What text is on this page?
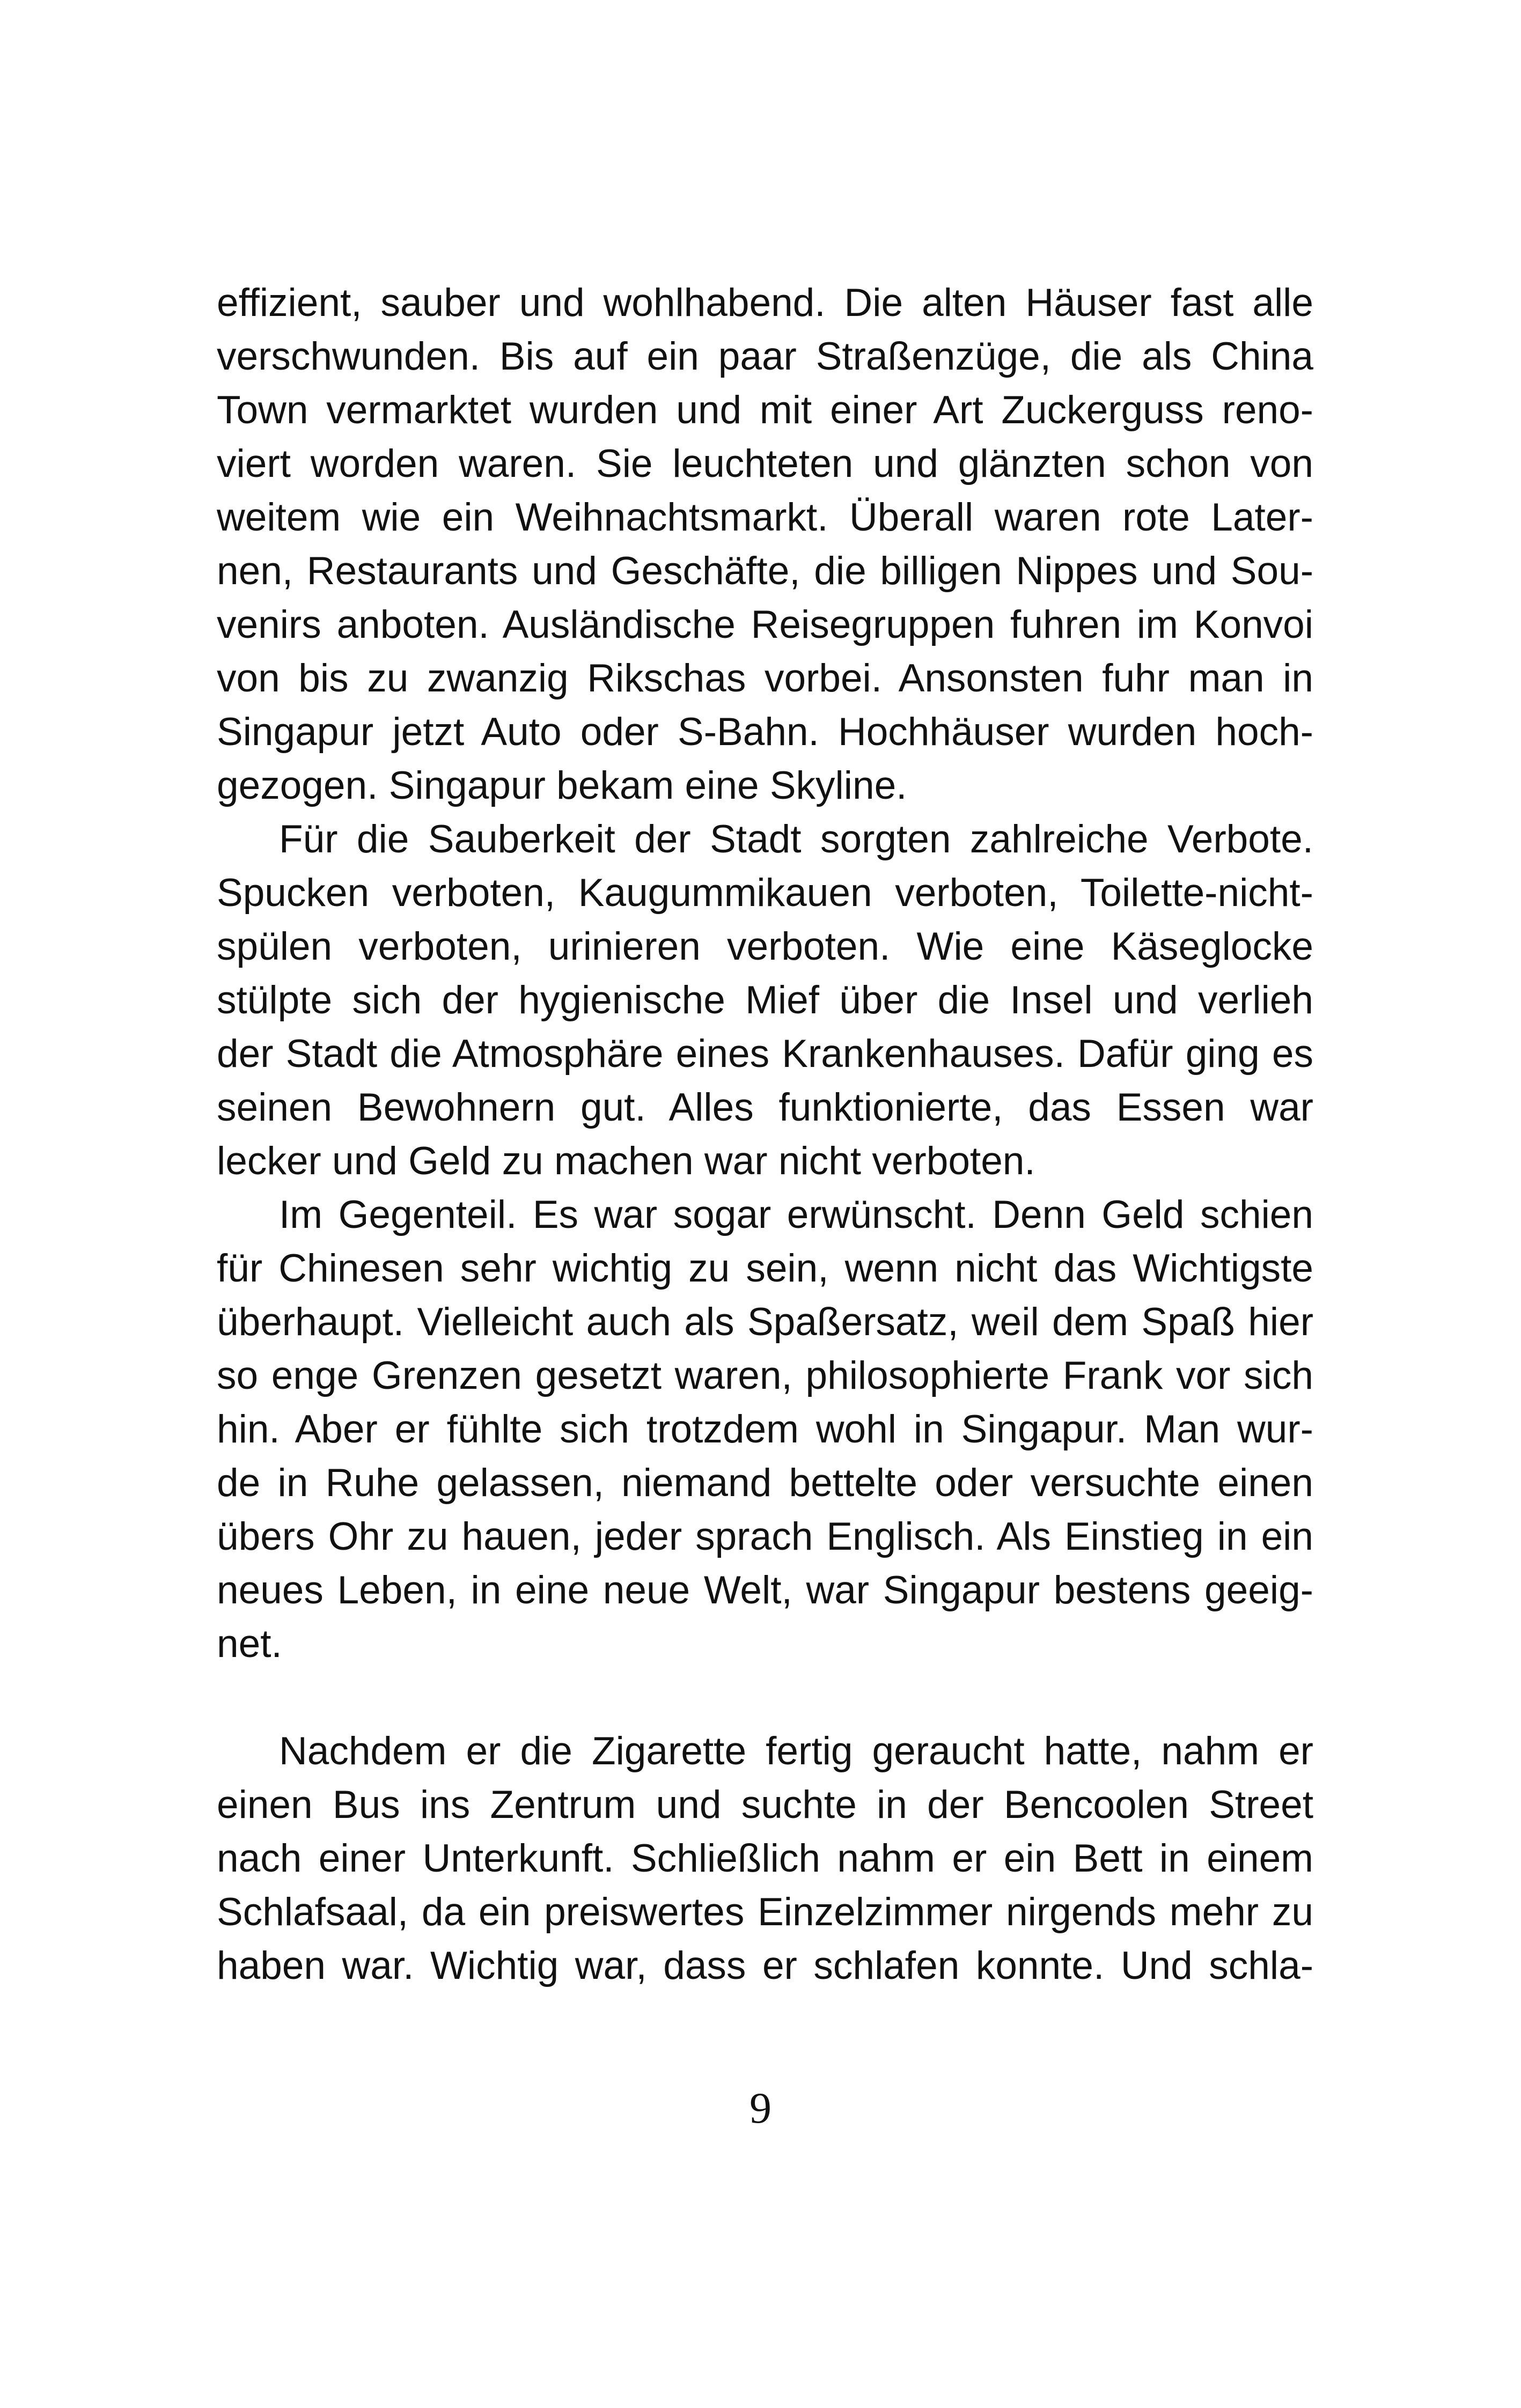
effizient, sauber und wohlhabend. Die alten Häuser fast alle
verschwunden. Bis auf ein paar Straßenzüge, die als China
Town vermarktet wurden und mit einer Art Zuckerguss reno-
viert worden waren. Sie leuchteten und glänzten schon von
weitem wie ein Weihnachtsmarkt. Überall waren rote Later-
nen, Restaurants und Geschäfte, die billigen Nippes und Sou-
venirs anboten. Ausländische Reisegruppen fuhren im Konvoi
von bis zu zwanzig Rikschas vorbei. Ansonsten fuhr man in
Singapur jetzt Auto oder S-Bahn. Hochhäuser wurden hoch-
gezogen. Singapur bekam eine Skyline.
Für die Sauberkeit der Stadt sorgten zahlreiche Verbote.
Spucken verboten, Kaugummikauen verboten, Toilette-nicht-
spülen verboten, urinieren verboten. Wie eine Käseglocke
stülpte sich der hygienische Mief über die Insel und verlieh
der Stadt die Atmosphäre eines Krankenhauses. Dafür ging es
seinen Bewohnern gut. Alles funktionierte, das Essen war
lecker und Geld zu machen war nicht verboten.
Im Gegenteil. Es war sogar erwünscht. Denn Geld schien
für Chinesen sehr wichtig zu sein, wenn nicht das Wichtigste
überhaupt. Vielleicht auch als Spaßersatz, weil dem Spaß hier
so enge Grenzen gesetzt waren, philosophierte Frank vor sich
hin. Aber er fühlte sich trotzdem wohl in Singapur. Man wur-
de in Ruhe gelassen, niemand bettelte oder versuchte einen
übers Ohr zu hauen, jeder sprach Englisch. Als Einstieg in ein
neues Leben, in eine neue Welt, war Singapur bestens geeig-
net.
Nachdem er die Zigarette fertig geraucht hatte, nahm er
einen Bus ins Zentrum und suchte in der Bencoolen Street
nach einer Unterkunft. Schließlich nahm er ein Bett in einem
Schlafsaal, da ein preiswertes Einzelzimmer nirgends mehr zu
haben war. Wichtig war, dass er schlafen konnte. Und schla-
9
